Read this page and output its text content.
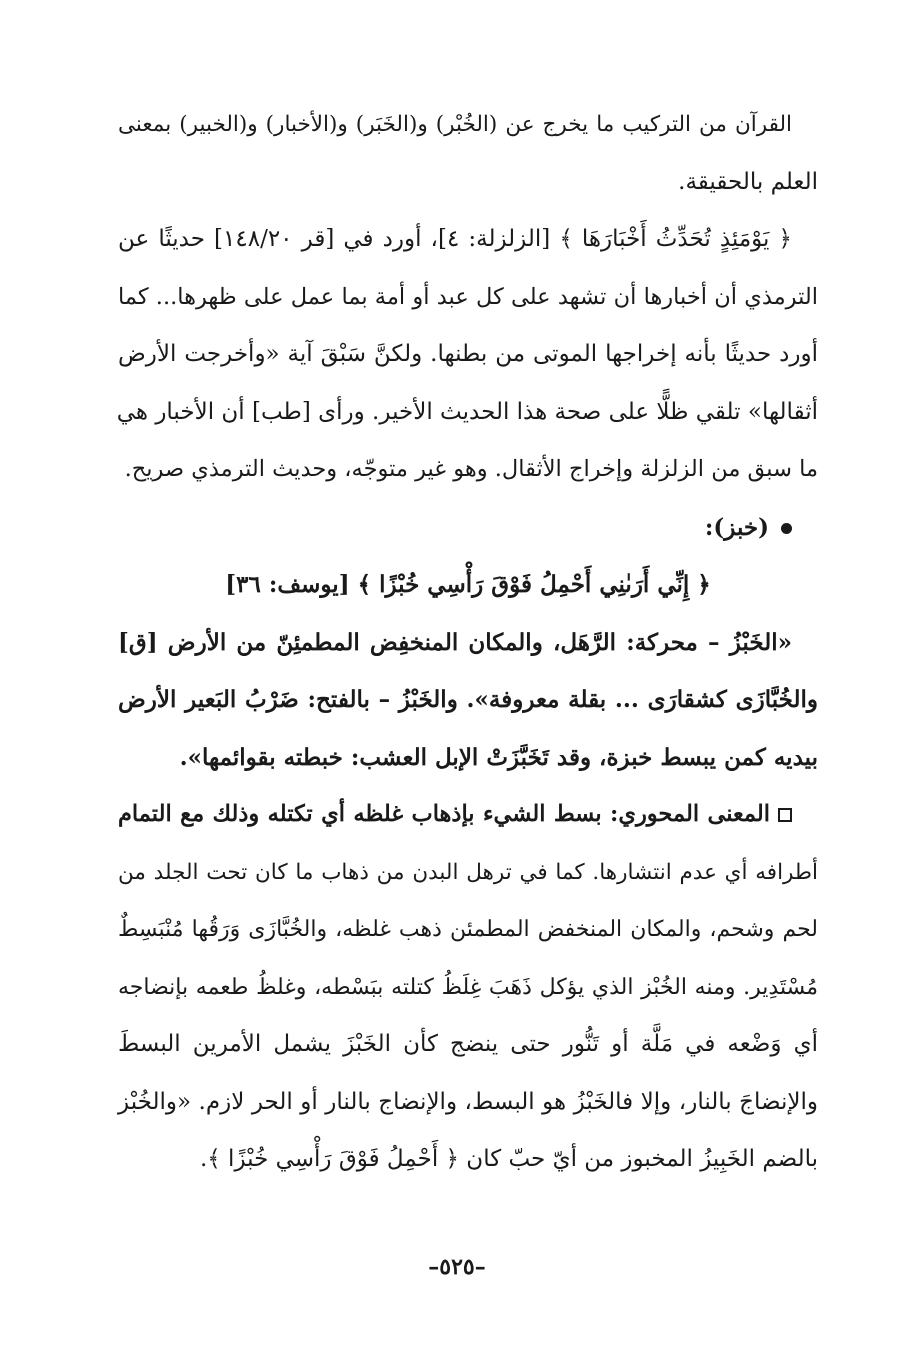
القرآن من التركيب ما يخرج عن (الخُبْر) و(الخَبَر) و(الأخبار) و(الخبير) بمعنى
العلم بالحقيقة.
﴿ يَوْمَئِذٍ تُحَدِّثُ أَخْبَارَهَا ﴾ [الزلزلة: ٤]، أورد في [قر ١٤٨/٢٠] حديثًا عن
الترمذي أن أخبارها أن تشهد على كل عبد أو أمة بما عمل على ظهرها... كما
أورد حديثًا بأنه إخراجها الموتى من بطنها. ولكنَّ سَبْقَ آية «وأخرجت الأرض
أثقالها» تلقي ظلًّا على صحة هذا الحديث الأخير. ورأى [طب] أن الأخبار هي
ما سبق من الزلزلة وإخراج الأثقال. وهو غير متوجّه، وحديث الترمذي صريح.
(خبز):
﴿ إِنِّي أَرَىٰنِي أَحْمِلُ فَوْقَ رَأْسِي خُبْزًا ﴾ [يوسف: ٣٦]
«الخَبْزُ – محركة: الرَّهَل، والمكان المنخفِض المطمئِنّ من الأرض [ق]
والخُبَّازَى كشقارَى ... بقلة معروفة». والخَبْزُ – بالفتح: ضَرْبُ البَعير الأرض
بيديه كمن يبسط خبزة، وقد تَخَبَّزَتْ الإبل العشب: خبطته بقوائمها».
المعنى المحوري: بسط الشيء بإذهاب غلظه أي تكتله وذلك مع التمام
أطرافه أي عدم انتشارها. كما في ترهل البدن من ذهاب ما كان تحت الجلد من
لحم وشحم، والمكان المنخفض المطمئن ذهب غلظه، والخُبَّازَى وَرَقُها مُنْبَسِطٌ
مُسْتَدِير. ومنه الخُبْز الذي يؤكل ذَهَبَ غِلَظُ كتلته ببَسْطه، وغلظُ طعمه بإنضاجه
أي وَضْعه في مَلَّة أو تَنُّور حتى ينضج كأن الخَبْزَ يشمل الأمرين البسطَ
والإنضاجَ بالنار، وإلا فالخَبْزُ هو البسط، والإنضاج بالنار أو الحر لازم. «والخُبْز
بالضم الخَبِيزُ المخبوز من أيّ حبّ كان ﴿ أَحْمِلُ فَوْقَ رَأْسِي خُبْزًا ﴾.
–٥٢٥–
